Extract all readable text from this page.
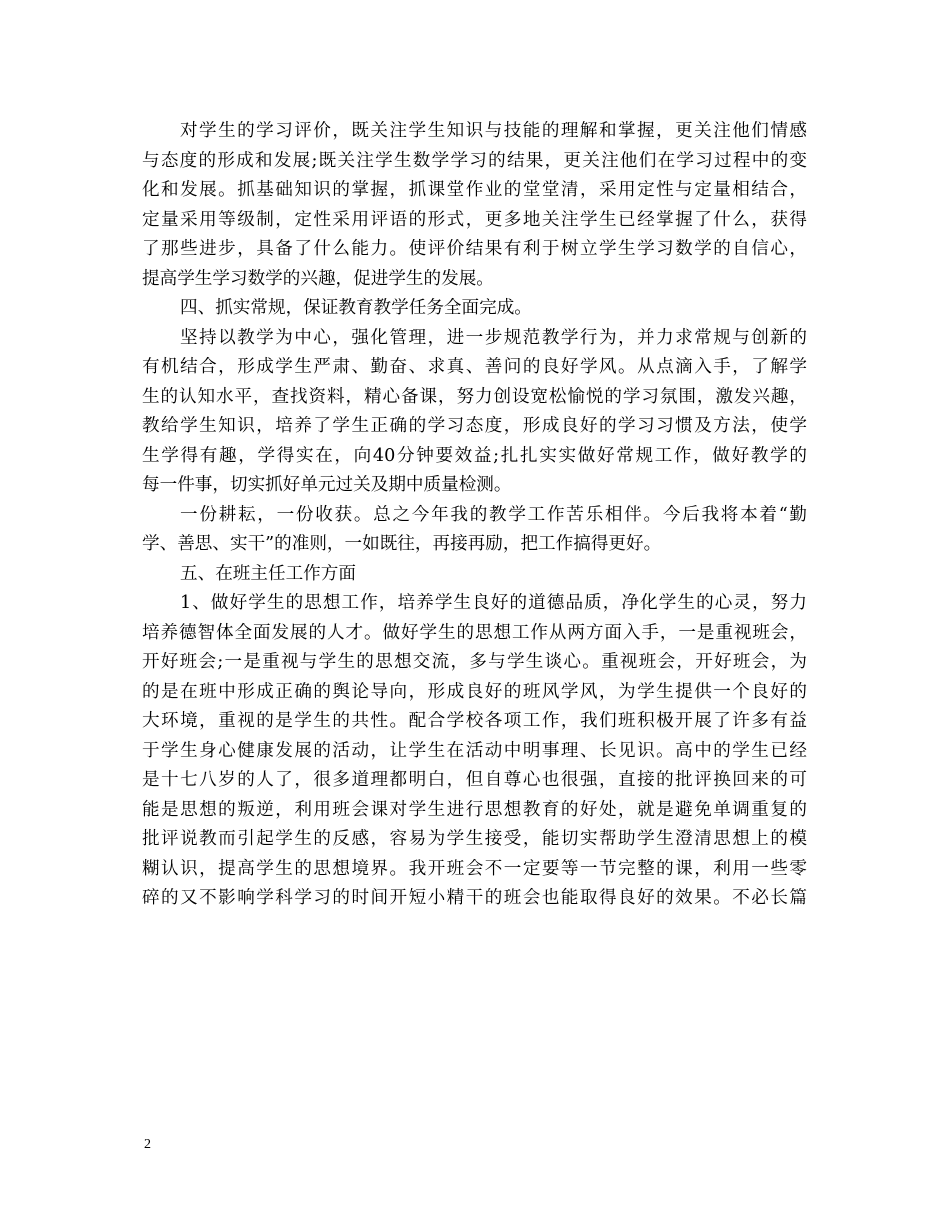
对学生的学习评价，既关注学生知识与技能的理解和掌握，更关注他们情感
与态度的形成和发展;既关注学生数学学习的结果，更关注他们在学习过程中的变
化和发展。抓基础知识的掌握，抓课堂作业的堂堂清，采用定性与定量相结合，
定量采用等级制，定性采用评语的形式，更多地关注学生已经掌握了什么，获得
了那些进步，具备了什么能力。使评价结果有利于树立学生学习数学的自信心，
提高学生学习数学的兴趣，促进学生的发展。
四、抓实常规，保证教育教学任务全面完成。
坚持以教学为中心，强化管理，进一步规范教学行为，并力求常规与创新的
有机结合，形成学生严肃、勤奋、求真、善问的良好学风。从点滴入手，了解学
生的认知水平，查找资料，精心备课，努力创设宽松愉悦的学习氛围，激发兴趣，
教给学生知识，培养了学生正确的学习态度，形成良好的学习习惯及方法，使学
生学得有趣，学得实在，向40分钟要效益;扎扎实实做好常规工作，做好教学的
每一件事，切实抓好单元过关及期中质量检测。
一份耕耘，一份收获。总之今年我的教学工作苦乐相伴。今后我将本着“勤
学、善思、实干”的准则，一如既往，再接再励，把工作搞得更好。
五、在班主任工作方面
1、做好学生的思想工作，培养学生良好的道德品质，净化学生的心灵，努力
培养德智体全面发展的人才。做好学生的思想工作从两方面入手，一是重视班会，
开好班会;一是重视与学生的思想交流，多与学生谈心。重视班会，开好班会，为
的是在班中形成正确的舆论导向，形成良好的班风学风，为学生提供一个良好的
大环境，重视的是学生的共性。配合学校各项工作，我们班积极开展了许多有益
于学生身心健康发展的活动，让学生在活动中明事理、长见识。高中的学生已经
是十七八岁的人了，很多道理都明白，但自尊心也很强，直接的批评换回来的可
能是思想的叛逆，利用班会课对学生进行思想教育的好处，就是避免单调重复的
批评说教而引起学生的反感，容易为学生接受，能切实帮助学生澄清思想上的模
糊认识，提高学生的思想境界。我开班会不一定要等一节完整的课，利用一些零
碎的又不影响学科学习的时间开短小精干的班会也能取得良好的效果。不必长篇
2
